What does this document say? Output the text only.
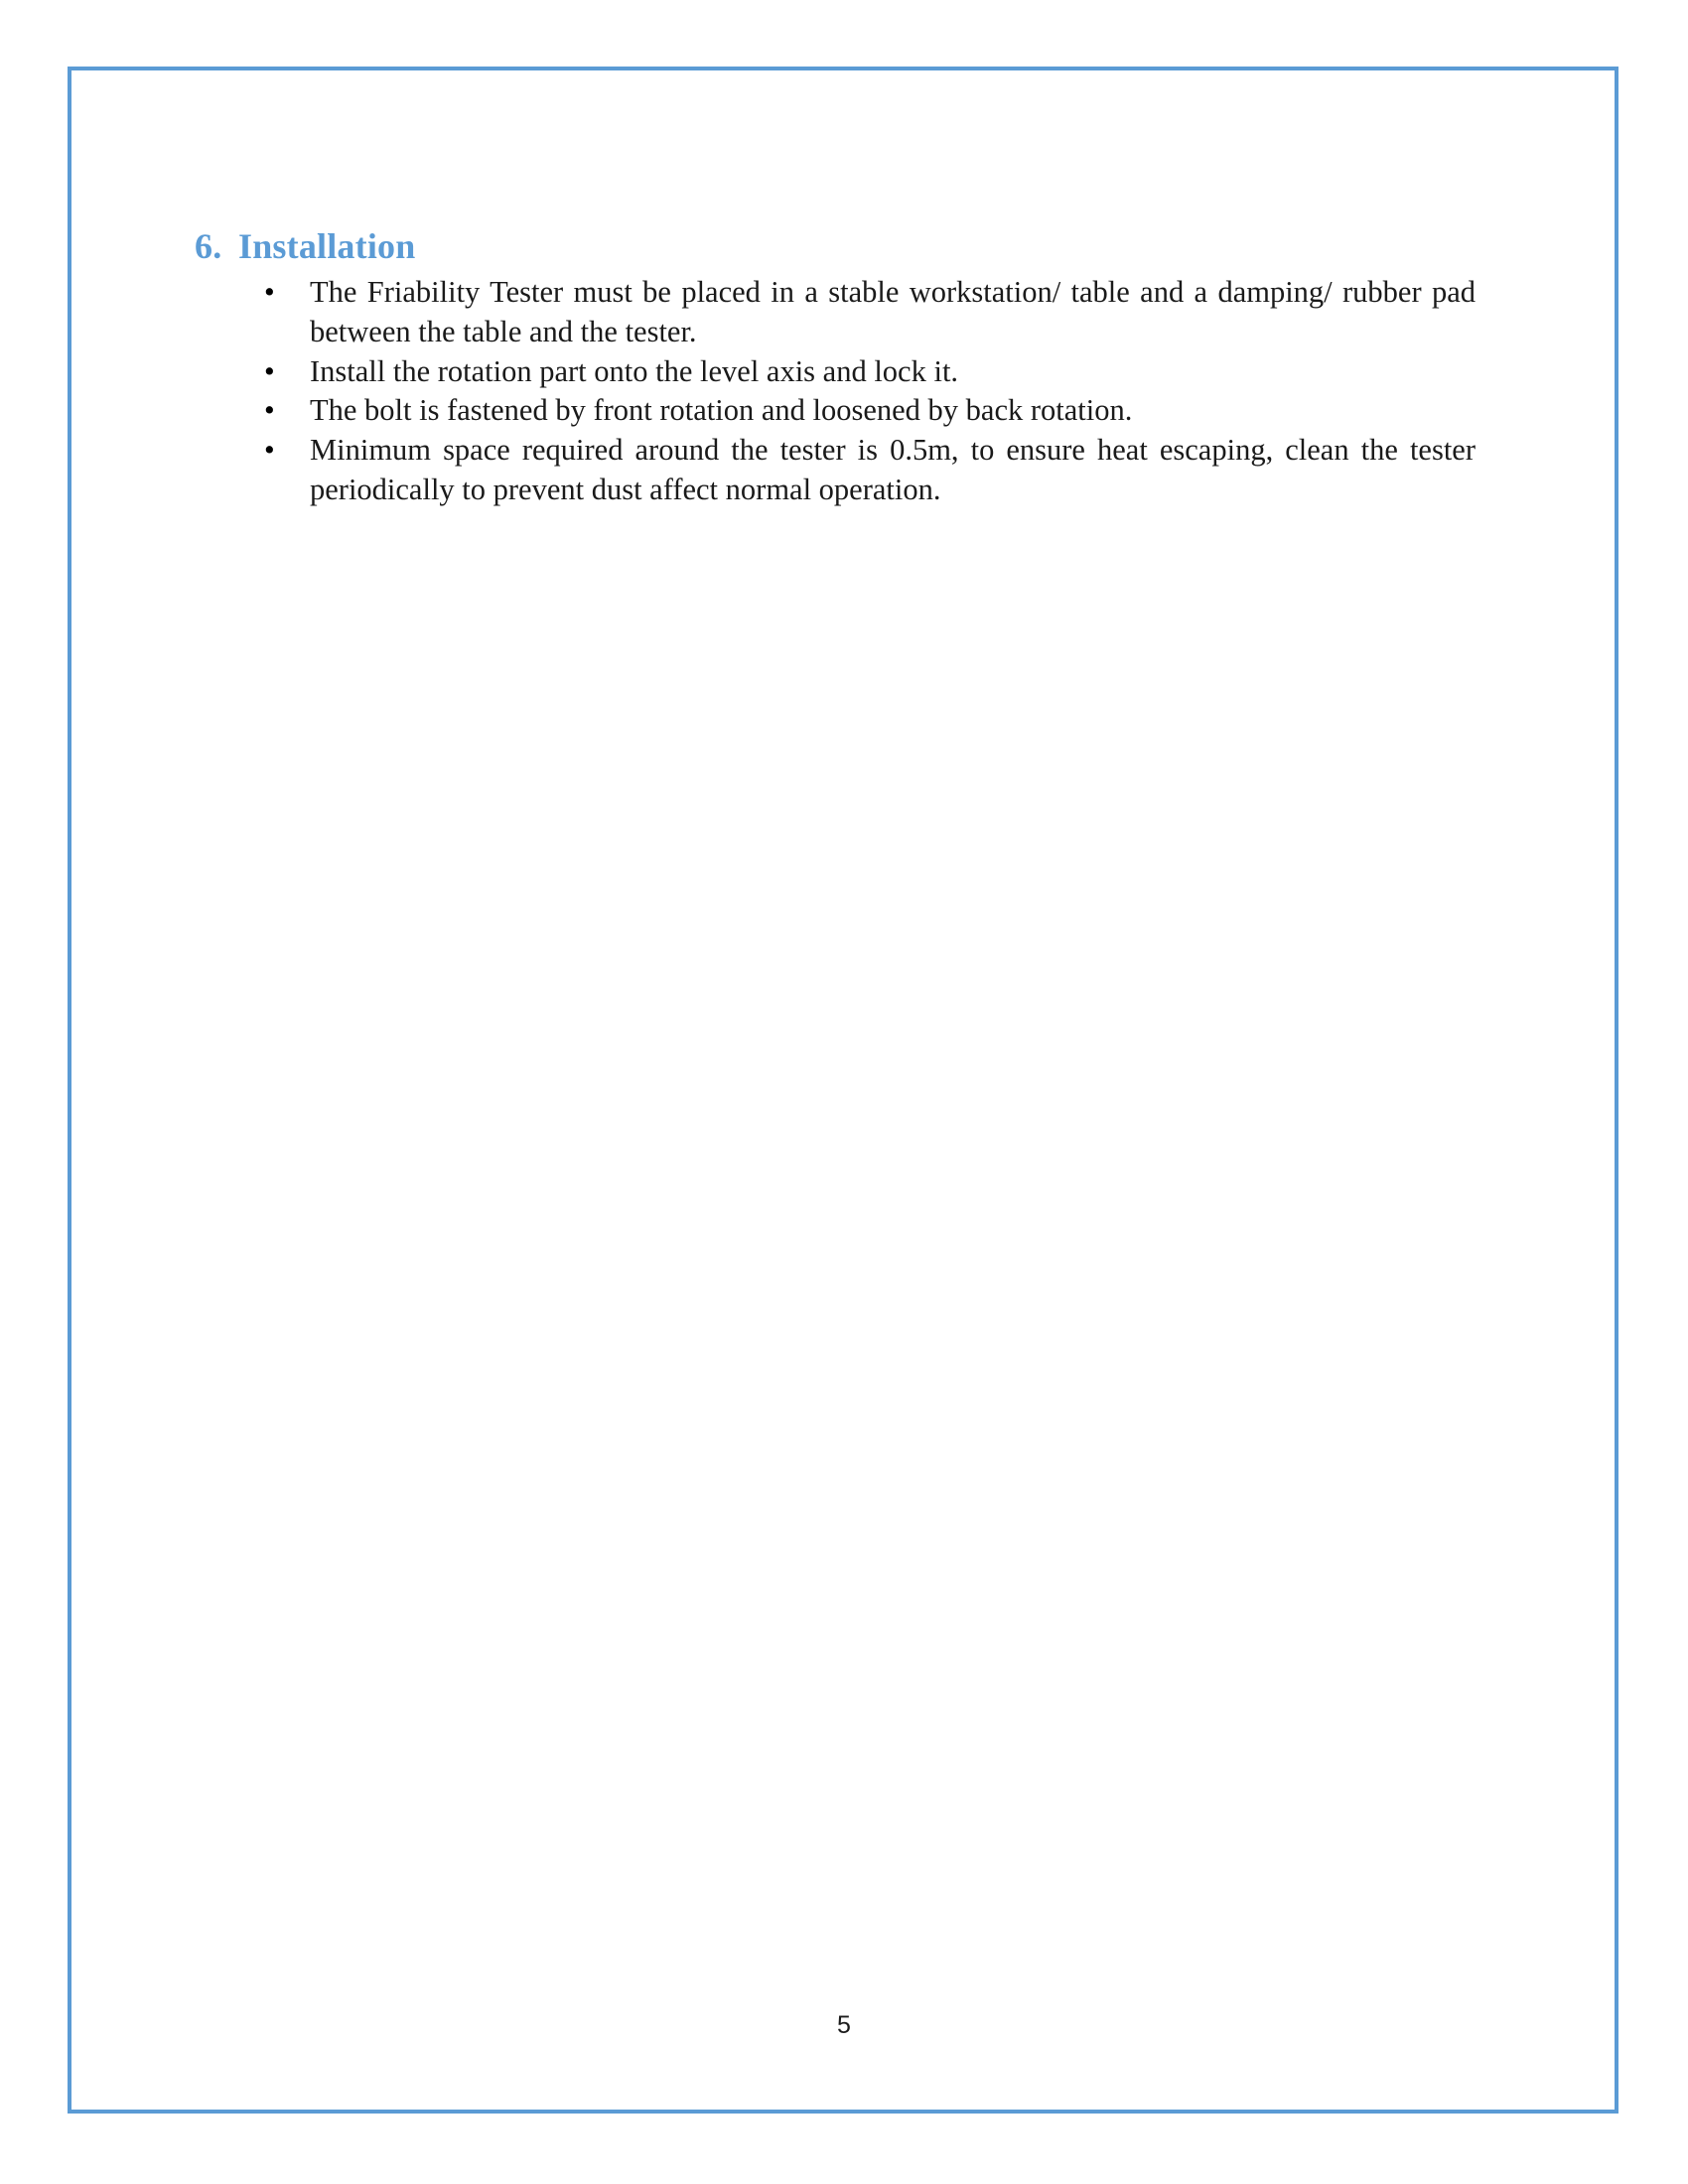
6. Installation
• The Friability Tester must be placed in a stable workstation/ table and a damping/ rubber pad between the table and the tester.
• Install the rotation part onto the level axis and lock it.
• The bolt is fastened by front rotation and loosened by back rotation.
• Minimum space required around the tester is 0.5m, to ensure heat escaping, clean the tester periodically to prevent dust affect normal operation.
5
